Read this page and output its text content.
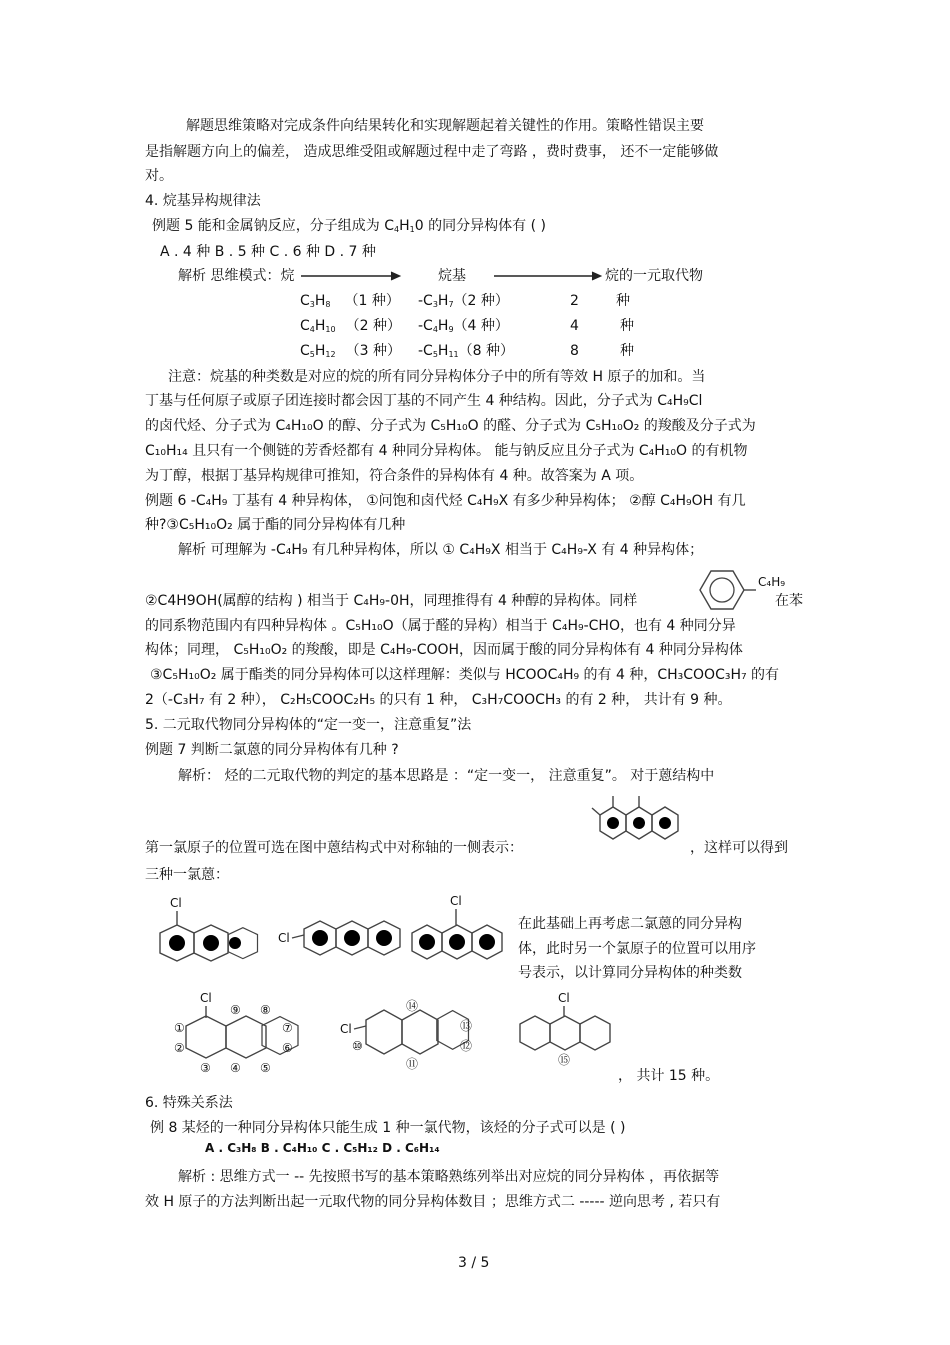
解题思维策略对完成条件向结果转化和实现解题起着关键性的作用。策略性错误主要
是指解题方向上的偏差， 造成思维受阻或解题过程中走了弯路 ，费时费事， 还不一定能够做
对。
4. 烷基异构规律法
例题 5 能和金属钠反应，分子组成为 $C_4H_10$ 的同分异构体有 ( )
A . 4 种 B . 5 种 C . 6 种 D . 7 种
解析 思维模式：烷	烷基	烷的一元取代物
$C_3H_8$ （1 种） $-C_3H_7(2$ 种）	2	种
$C_4H_{10}$ （2 种） $-C_4H_9(4$ 种）	4	种
$C_5H_{12}$ （3 种） $-C_5H_{11}(8$ 种）	8	种
注意：烷基的种类数是对应的烷的所有同分异构体分子中的所有等效 H 原子的加和。当
丁基与任何原子或原子团连接时都会因丁基的不同产生 4 种结构。因此，分子式为 C₄H₉Cl
的卤代烃、分子式为 C₄H₁₀O 的醇、分子式为 C₅H₁₀O 的醛、分子式为 C₅H₁₀O₂ 的羧酸及分子式为
C₁₀H₁₄ 且只有一个侧链的芳香烃都有 4 种同分异构体。 能与钠反应且分子式为 C₄H₁₀O 的有机物
为丁醇，根据丁基异构规律可推知，符合条件的异构体有 4 种。故答案为 A 项。
例题 6 -C₄H₉ 丁基有 4 种异构体， ①问饱和卤代烃 C₄H₉X 有多少种异构体； ②醇 C₄H₉OH 有几
种?③C₅H₁₀O₂ 属于酯的同分异构体有几种
解析 可理解为 -C₄H₉ 有几种异构体，所以 ① C₄H₉X 相当于 C₄H₉-X 有 4 种异构体；
②C4H9OH(属醇的结构 ) 相当于 C₄H₉-0H，同理推得有 4 种醇的异构体。同样
C₄H₉
在苯
的同系物范围内有四种异构体 。C₅H₁₀O（属于醛的异构）相当于 C₄H₉-CHO，也有 4 种同分异
构体；同理， C₅H₁₀O₂ 的羧酸，即是 C₄H₉-COOH，因而属于酸的同分异构体有 4 种同分异构体
③C₅H₁₀O₂ 属于酯类的同分异构体可以这样理解：类似与 HCOOC₄H₉ 的有 4 种，CH₃COOC₃H₇ 的有
2（-C₃H₇ 有 2 种）， C₂H₅COOC₂H₅ 的只有 1 种， C₃H₇COOCH₃ 的有 2 种， 共计有 9 种。
5. 二元取代物同分异构体的“定一变一，注意重复”法
例题 7 判断二氯蒽的同分异构体有几种 ?
解析： 烃的二元取代物的判定的基本思路是 ：“定一变一， 注意重复”。 对于蒽结构中
第一氯原子的位置可选在图中蒽结构式中对称轴的一侧表示：	，这样可以得到
三种一氯蒽：
Cl
Cl
Cl
在此基础上再考虑二氯蒽的同分异构
体，此时另一个氯原子的位置可以用序
号表示，以计算同分异构体的种类数
Cl
①
②
③ ④ ⑤
⑥
⑦
⑧
⑨
Cl
⑩
⑪
⑫
⑬
⑭
Cl
⑮
， 共计 15 种。
6. 特殊关系法
例 8 某烃的一种同分异构体只能生成 1 种一氯代物，该烃的分子式可以是 ( )
A . C₃H₈ B . C₄H₁₀ C . C₅H₁₂ D . C₆H₁₄
解析 : 思维方式一 -- 先按照书写的基本策略熟练列举出对应烷的同分异构体 ，再依据等
效 H 原子的方法判断出起一元取代物的同分异构体数目 ；思维方式二 ----- 逆向思考 , 若只有
3 / 5
